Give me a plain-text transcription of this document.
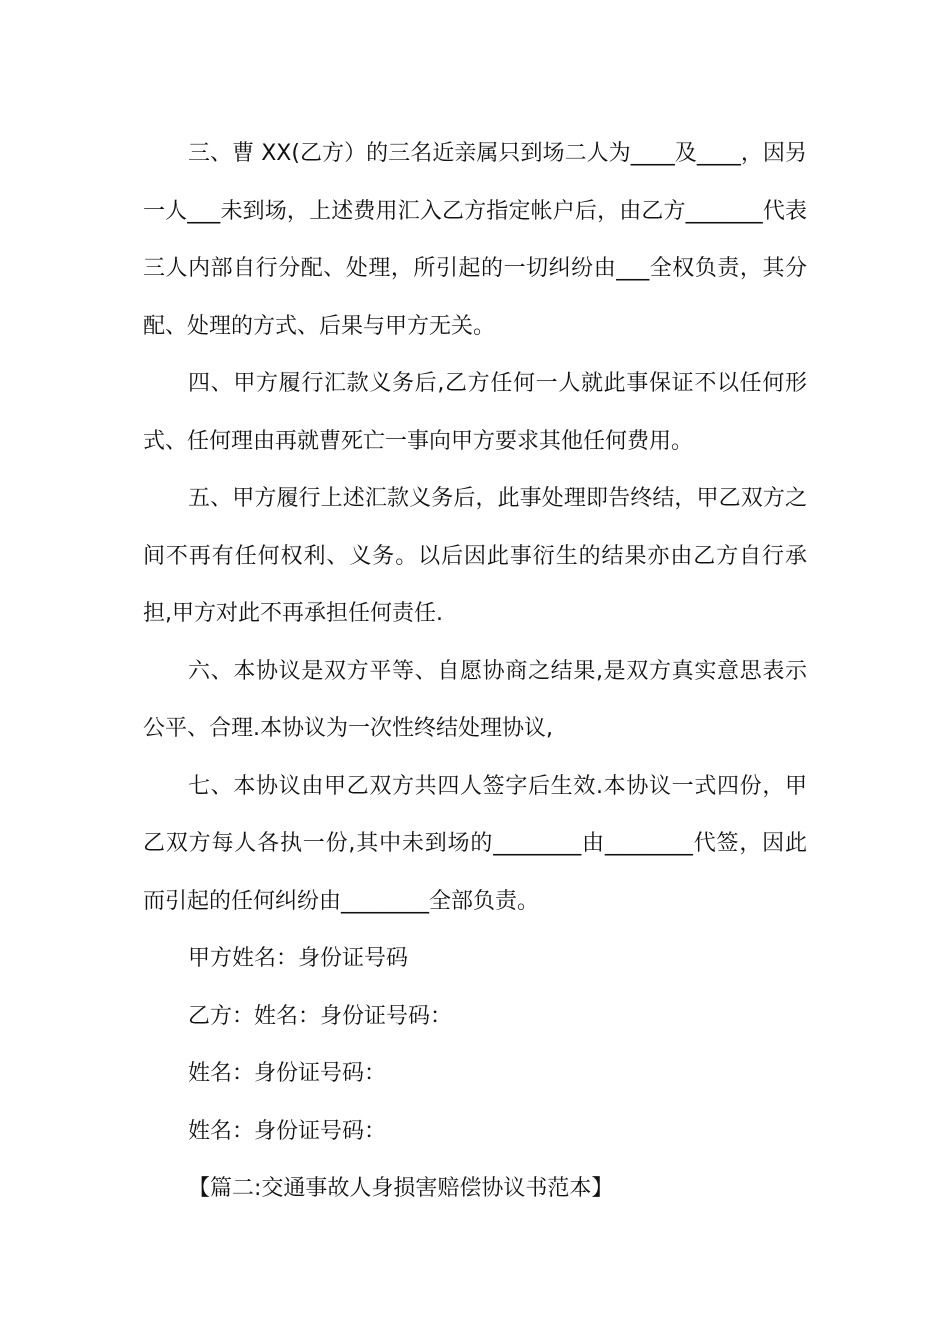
三、曹 XX(乙方）的三名近亲属只到场二人为____及____，因另一人___未到场，上述费用汇入乙方指定帐户后，由乙方_______代表三人内部自行分配、处理，所引起的一切纠纷由___全权负责，其分配、处理的方式、后果与甲方无关。

四、甲方履行汇款义务后,乙方任何一人就此事保证不以任何形式、任何理由再就曹死亡一事向甲方要求其他任何费用。

五、甲方履行上述汇款义务后，此事处理即告终结，甲乙双方之间不再有任何权利、义务。以后因此事衍生的结果亦由乙方自行承担,甲方对此不再承担任何责任.

六、本协议是双方平等、自愿协商之结果,是双方真实意思表示公平、合理.本协议为一次性终结处理协议,

七、本协议由甲乙双方共四人签字后生效.本协议一式四份，甲乙双方每人各执一份,其中未到场的________由________代签，因此而引起的任何纠纷由________全部负责。

甲方姓名：身份证号码

乙方：姓名：身份证号码：

姓名：身份证号码：

姓名：身份证号码：

【篇二:交通事故人身损害赔偿协议书范本】
